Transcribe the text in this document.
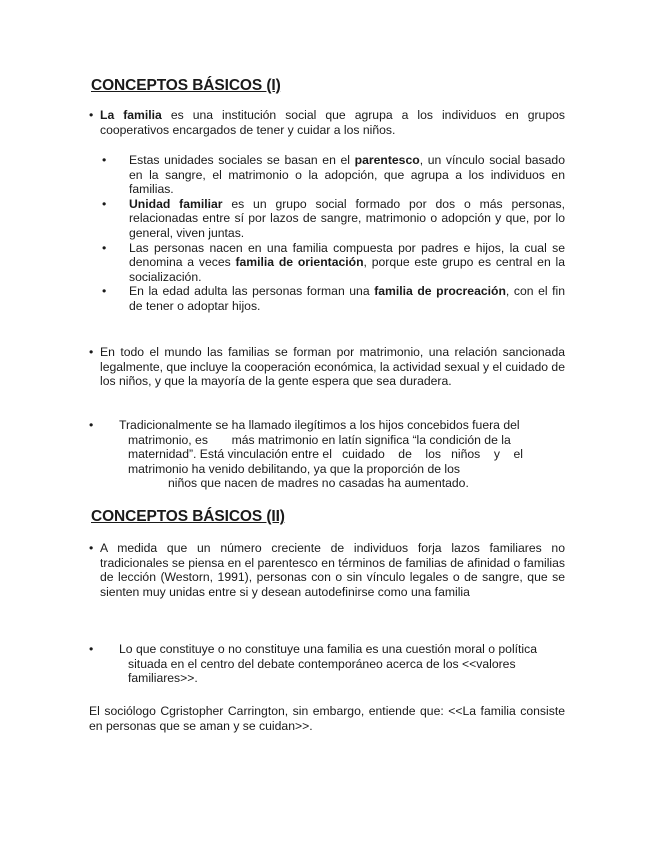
CONCEPTOS BÁSICOS (I)
• La familia es una institución social que agrupa a los individuos en grupos cooperativos encargados de tener y cuidar a los niños.
• Estas unidades sociales se basan en el parentesco, un vínculo social basado en la sangre, el matrimonio o la adopción, que agrupa a los individuos en familias.
• Unidad familiar es un grupo social formado por dos o más personas, relacionadas entre sí por lazos de sangre, matrimonio o adopción y que, por lo general, viven juntas.
• Las personas nacen en una familia compuesta por padres e hijos, la cual se denomina a veces familia de orientación, porque este grupo es central en la socialización.
• En la edad adulta las personas forman una familia de procreación, con el fin de tener o adoptar hijos.
• En todo el mundo las familias se forman por matrimonio, una relación sancionada legalmente, que incluye la cooperación económica, la actividad sexual y el cuidado de los niños, y que la mayoría de la gente espera que sea duradera.
• Tradicionalmente se ha llamado ilegítimos a los hijos concebidos fuera del
matrimonio, es       más matrimonio en latín significa “la condición de la
maternidad”. Está vinculación entre el   cuidado    de    los   niños    y    el
matrimonio ha venido debilitando, ya que la proporción de los
niños que nacen de madres no casadas ha aumentado.
CONCEPTOS BÁSICOS (II)
• A medida que un número creciente de individuos forja lazos familiares no tradicionales se piensa en el parentesco en términos de familias de afinidad o familias de lección (Westorn, 1991), personas con o sin vínculo legales o de sangre, que se sienten muy unidas entre si y desean autodefinirse como una familia
• Lo que constituye o no constituye una familia es una cuestión moral o política
situada en el centro del debate contemporáneo acerca de los <<valores
familiares>>.
El sociólogo Cgristopher Carrington, sin embargo, entiende que: <<La familia consiste en personas que se aman y se cuidan>>.
